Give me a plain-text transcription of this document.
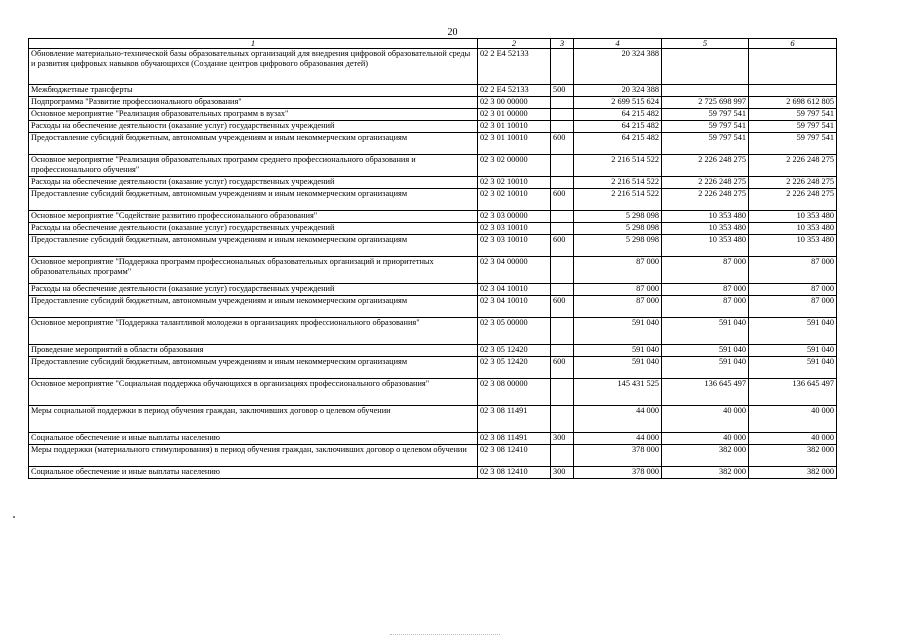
20
1	2	3	4	5	6
Обновление материально-технической базы образовательных организаций для внедрения цифровой образовательной среды и развития цифровых навыков обучающихся (Создание центров цифрового образования детей)	02 2 E4 52133		20 324 388		
Межбюджетные трансферты	02 2 E4 52133	500	20 324 388		
Подпрограмма "Развитие профессионального образования"	02 3 00 00000		2 699 515 624	2 725 698 997	2 698 612 805
Основное мероприятие "Реализация образовательных программ в вузах"	02 3 01 00000		64 215 482	59 797 541	59 797 541
Расходы на обеспечение деятельности (оказание услуг) государственных учреждений	02 3 01 10010		64 215 482	59 797 541	59 797 541
Предоставление субсидий бюджетным, автономным учреждениям и иным некоммерческим организациям	02 3 01 10010	600	64 215 482	59 797 541	59 797 541
Основное мероприятие "Реализация образовательных программ среднего профессионального образования и профессионального обучения"	02 3 02 00000		2 216 514 522	2 226 248 275	2 226 248 275
Расходы на обеспечение деятельности (оказание услуг) государственных учреждений	02 3 02 10010		2 216 514 522	2 226 248 275	2 226 248 275
Предоставление субсидий бюджетным, автономным учреждениям и иным некоммерческим организациям	02 3 02 10010	600	2 216 514 522	2 226 248 275	2 226 248 275
Основное мероприятие "Содействие развитию профессионального образования"	02 3 03 00000		5 298 098	10 353 480	10 353 480
Расходы на обеспечение деятельности (оказание услуг) государственных учреждений	02 3 03 10010		5 298 098	10 353 480	10 353 480
Предоставление субсидий бюджетным, автономным учреждениям и иным некоммерческим организациям	02 3 03 10010	600	5 298 098	10 353 480	10 353 480
Основное мероприятие "Поддержка программ профессиональных образовательных организаций и приоритетных образовательных программ"	02 3 04 00000		87 000	87 000	87 000
Расходы на обеспечение деятельности (оказание услуг) государственных учреждений	02 3 04 10010		87 000	87 000	87 000
Предоставление субсидий бюджетным, автономным учреждениям и иным некоммерческим организациям	02 3 04 10010	600	87 000	87 000	87 000
Основное мероприятие "Поддержка талантливой молодежи в организациях профессионального образования"	02 3 05 00000		591 040	591 040	591 040
Проведение мероприятий в области образования	02 3 05 12420		591 040	591 040	591 040
Предоставление субсидий бюджетным, автономным учреждениям и иным некоммерческим организациям	02 3 05 12420	600	591 040	591 040	591 040
Основное мероприятие "Социальная поддержка обучающихся в организациях профессионального образования"	02 3 08 00000		145 431 525	136 645 497	136 645 497
Меры социальной поддержки в период обучения граждан, заключивших договор о целевом обучении	02 3 08 11491		44 000	40 000	40 000
Социальное обеспечение и иные выплаты населению	02 3 08 11491	300	44 000	40 000	40 000
Меры поддержки (материального стимулирования) в период обучения граждан, заключивших договор о целевом обучении	02 3 08 12410		378 000	382 000	382 000
Социальное обеспечение и иные выплаты населению	02 3 08 12410	300	378 000	382 000	382 000
